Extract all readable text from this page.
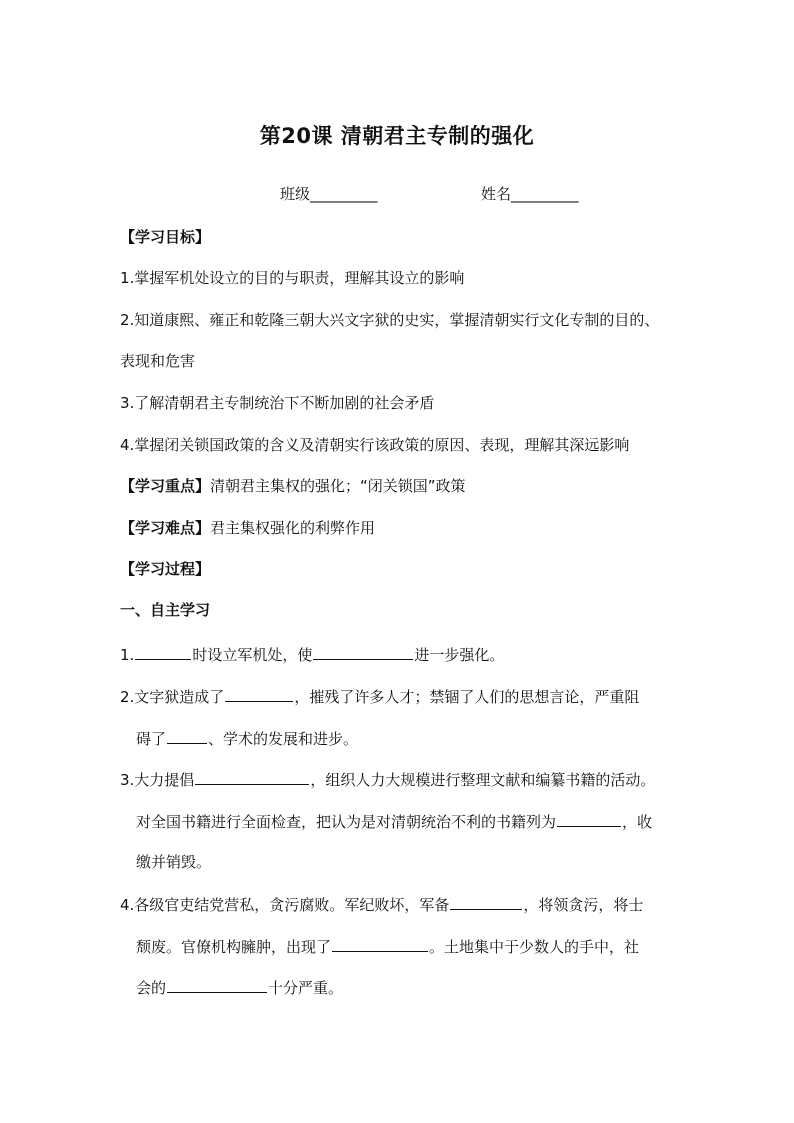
第20课 清朝君主专制的强化
班级_________	姓名_________
【学习目标】
1.掌握军机处设立的目的与职责，理解其设立的影响
2.知道康熙、雍正和乾隆三朝大兴文字狱的史实，掌握清朝实行文化专制的目的、
表现和危害
3.了解清朝君主专制统治下不断加剧的社会矛盾
4.掌握闭关锁国政策的含义及清朝实行该政策的原因、表现，理解其深远影响
【学习重点】清朝君主集权的强化；“闭关锁国”政策
【学习难点】君主集权强化的利弊作用
【学习过程】
一、自主学习
1.	时设立军机处，使	进一步强化。
2.文字狱造成了	，摧残了许多人才；禁锢了人们的思想言论，严重阻
碍了	、学术的发展和进步。
3.大力提倡	，组织人力大规模进行整理文献和编纂书籍的活动。
对全国书籍进行全面检查，把认为是对清朝统治不利的书籍列为	，收
缴并销毁。
4.各级官吏结党营私，贪污腐败。军纪败坏，军备	，将领贪污，将士
颓废。官僚机构臃肿，出现了	。土地集中于少数人的手中，社
会的	十分严重。
